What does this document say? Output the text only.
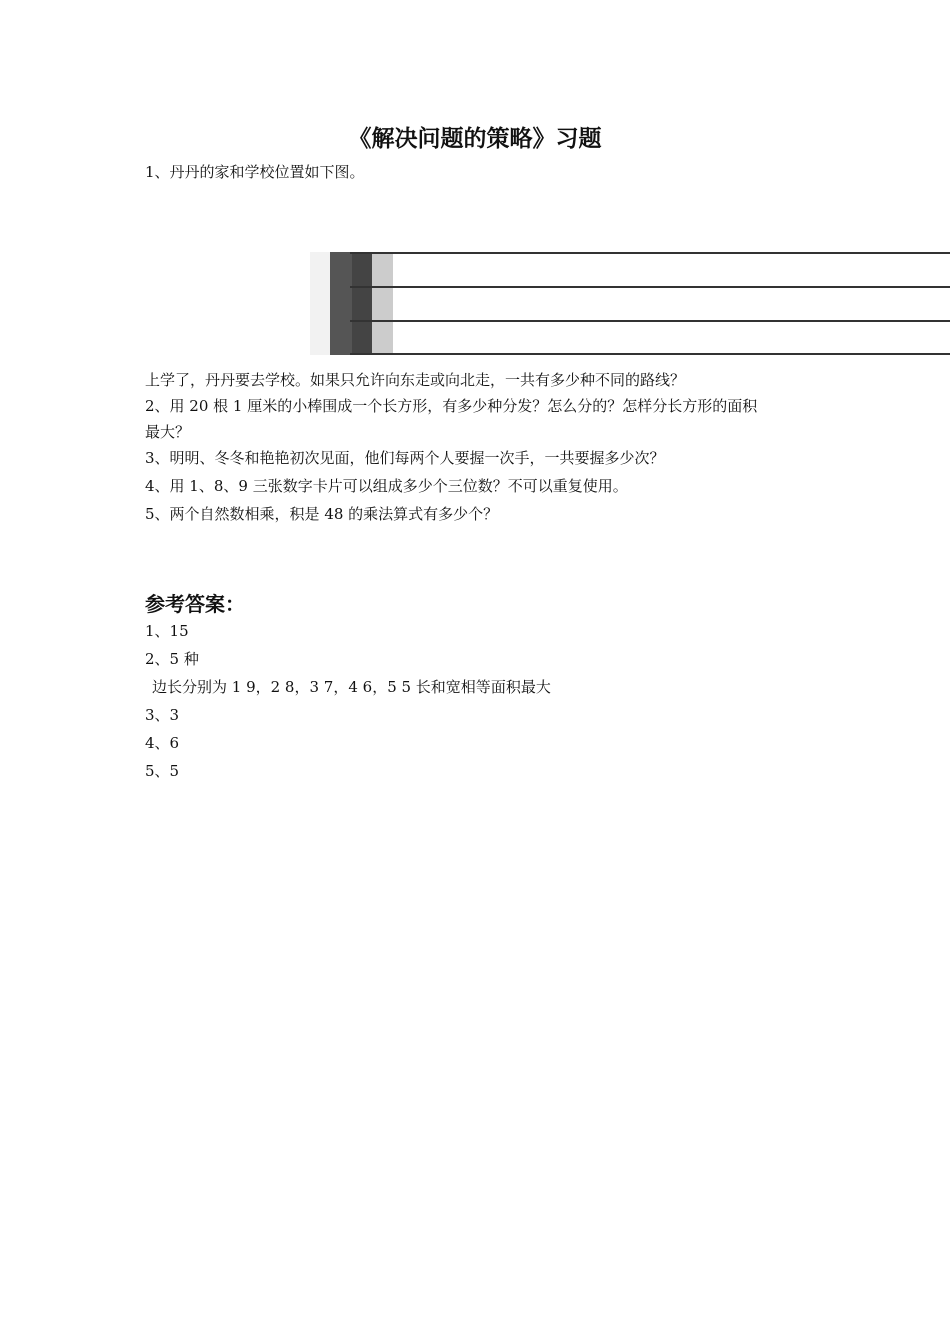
《解决问题的策略》习题
1、丹丹的家和学校位置如下图。
上学了，丹丹要去学校。如果只允许向东走或向北走，一共有多少种不同的路线？
2、用 20 根 1 厘米的小棒围成一个长方形，有多少种分发？怎么分的？怎样分长方形的面积
最大？
3、明明、冬冬和艳艳初次见面，他们每两个人要握一次手，一共要握多少次？
4、用 1、8、9 三张数字卡片可以组成多少个三位数？不可以重复使用。
5、两个自然数相乘，积是 48 的乘法算式有多少个？
参考答案：
1、15
2、5 种
边长分别为 1 9，2 8，3 7，4 6，5 5 长和宽相等面积最大
3、3
4、6
5、5
